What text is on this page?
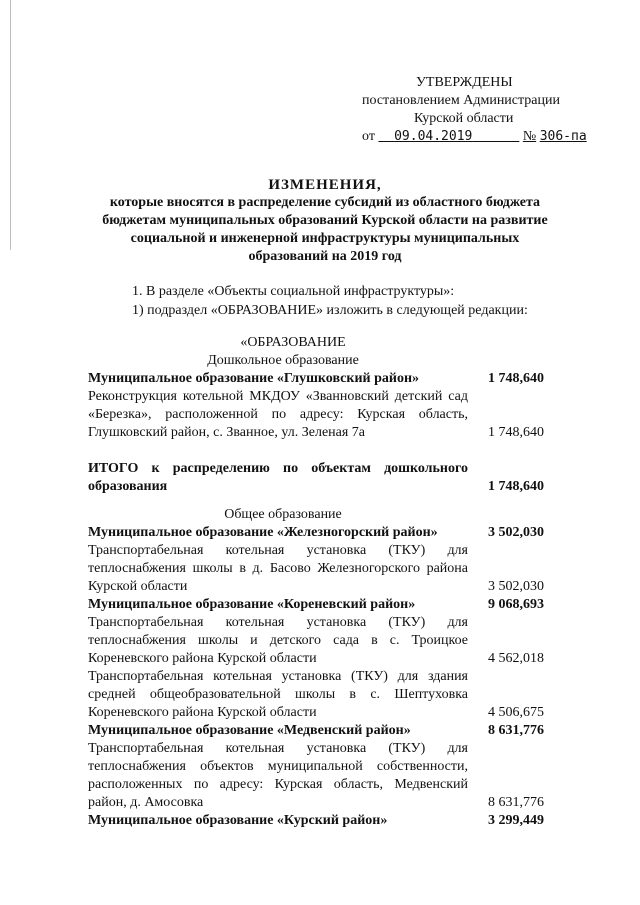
УТВЕРЖДЕНЫ
постановлением Администрации
Курской области
от 09.04.2019	№ 306-па
ИЗМЕНЕНИЯ,
которые вносятся в распределение субсидий из областного бюджета
бюджетам муниципальных образований Курской области на развитие
социальной и инженерной инфраструктуры муниципальных
образований на 2019 год
1. В разделе «Объекты социальной инфраструктуры»:
1) подраздел «ОБРАЗОВАНИЕ» изложить в следующей редакции:
«ОБРАЗОВАНИЕ
Дошкольное образование
Муниципальное образование «Глушковский район»	1 748,640
Реконструкция котельной МКДОУ «Званновский детский сад «Березка», расположенной по адресу: Курская область, Глушковский район, с. Званное, ул. Зеленая 7а	1 748,640
ИТОГО к распределению по объектам дошкольного образования	1 748,640
Общее образование
Муниципальное образование «Железногорский район»	3 502,030
Транспортабельная котельная установка (ТКУ) для теплоснабжения школы в д. Басово Железногорского района Курской области	3 502,030
Муниципальное образование «Кореневский район»	9 068,693
Транспортабельная котельная установка (ТКУ) для теплоснабжения школы и детского сада в с. Троицкое Кореневского района Курской области	4 562,018
Транспортабельная котельная установка (ТКУ) для здания средней общеобразовательной школы в с. Шептуховка Кореневского района Курской области	4 506,675
Муниципальное образование «Медвенский район»	8 631,776
Транспортабельная котельная установка (ТКУ) для теплоснабжения объектов муниципальной собственности, расположенных по адресу: Курская область, Медвенский район, д. Амосовка	8 631,776
Муниципальное образование «Курский район»	3 299,449
